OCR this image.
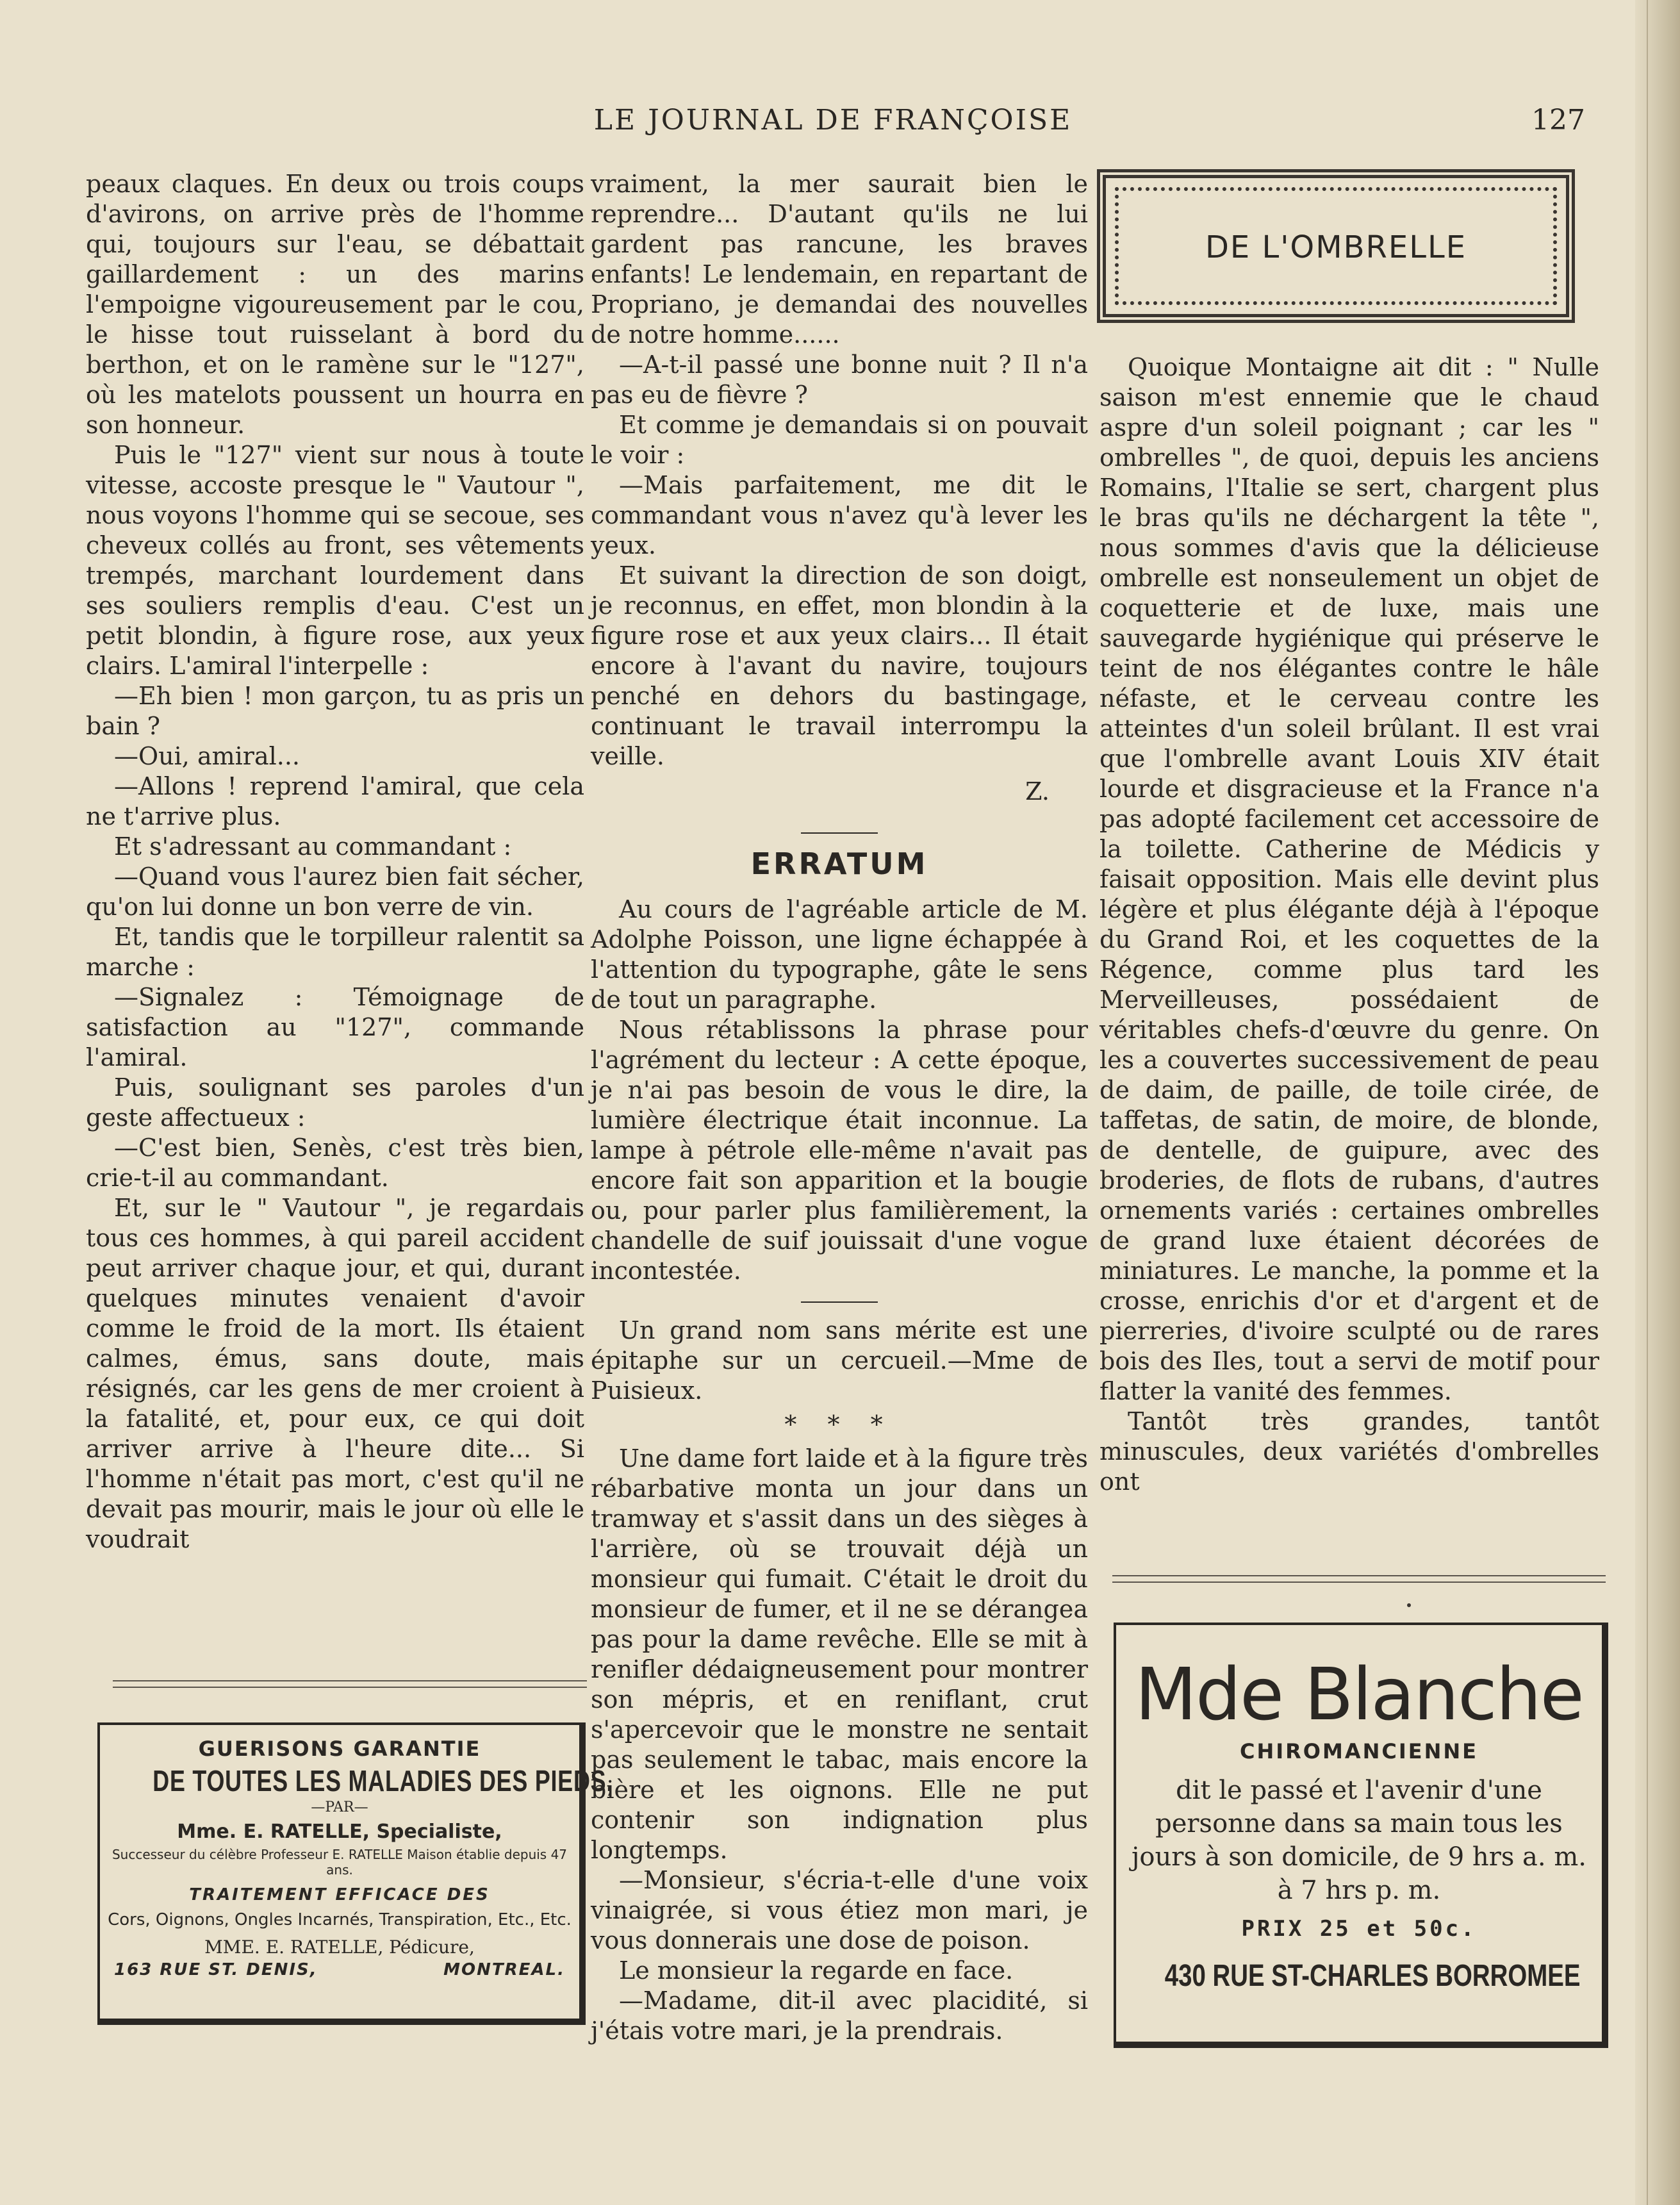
LE JOURNAL DE FRANÇOISE	127

peaux claques. En deux ou trois coups d'avirons, on arrive près de l'homme qui, toujours sur l'eau, se débattait gaillardement : un des marins l'empoigne vigoureusement par le cou, le hisse tout ruisselant à bord du berthon, et on le ramène sur le "127", où les matelots poussent un hourra en son honneur.

Puis le "127" vient sur nous à toute vitesse, accoste presque le " Vautour ", nous voyons l'homme qui se secoue, ses cheveux collés au front, ses vêtements trempés, marchant lourdement dans ses souliers remplis d'eau. C'est un petit blondin, à figure rose, aux yeux clairs. L'amiral l'interpelle :

—Eh bien ! mon garçon, tu as pris un bain ?

—Oui, amiral...

—Allons ! reprend l'amiral, que cela ne t'arrive plus.

Et s'adressant au commandant :

—Quand vous l'aurez bien fait sécher, qu'on lui donne un bon verre de vin.

Et, tandis que le torpilleur ralentit sa marche :

—Signalez : Témoignage de satisfaction au "127", commande l'amiral.

Puis, soulignant ses paroles d'un geste affectueux :

—C'est bien, Senès, c'est très bien, crie-t-il au commandant.

Et, sur le " Vautour ", je regardais tous ces hommes, à qui pareil accident peut arriver chaque jour, et qui, durant quelques minutes venaient d'avoir comme le froid de la mort. Ils étaient calmes, émus, sans doute, mais résignés, car les gens de mer croient à la fatalité, et, pour eux, ce qui doit arriver arrive à l'heure dite... Si l'homme n'était pas mort, c'est qu'il ne devait pas mourir, mais le jour où elle le voudrait

GUERISONS GARANTIE
DE TOUTES LES MALADIES DES PIEDS,
—PAR—
Mme. E. RATELLE, Specialiste,
Successeur du célèbre Professeur E. RATELLE Maison établie depuis 47 ans.
TRAITEMENT EFFICACE DES
Cors, Oignons, Ongles Incarnés, Transpiration, Etc., Etc.
MME. E. RATELLE, Pédicure,
163 RUE ST. DENIS,	MONTREAL.

vraiment, la mer saurait bien le reprendre... D'autant qu'ils ne lui gardent pas rancune, les braves enfants! Le lendemain, en repartant de Propriano, je demandai des nouvelles de notre homme......

—A-t-il passé une bonne nuit ? Il n'a pas eu de fièvre ?

Et comme je demandais si on pouvait le voir :

—Mais parfaitement, me dit le commandant vous n'avez qu'à lever les yeux.

Et suivant la direction de son doigt, je reconnus, en effet, mon blondin à la figure rose et aux yeux clairs... Il était encore à l'avant du navire, toujours penché en dehors du bastingage, continuant le travail interrompu la veille.

Z.
ERRATUM

Au cours de l'agréable article de M. Adolphe Poisson, une ligne échappée à l'attention du typographe, gâte le sens de tout un paragraphe.

Nous rétablissons la phrase pour l'agrément du lecteur : A cette époque, je n'ai pas besoin de vous le dire, la lumière électrique était inconnue. La lampe à pétrole elle-même n'avait pas encore fait son apparition et la bougie ou, pour parler plus familièrement, la chandelle de suif jouissait d'une vogue incontestée.

Un grand nom sans mérite est une épitaphe sur un cercueil.—Mme de Puisieux.

* * *

Une dame fort laide et à la figure très rébarbative monta un jour dans un tramway et s'assit dans un des sièges à l'arrière, où se trouvait déjà un monsieur qui fumait. C'était le droit du monsieur de fumer, et il ne se dérangea pas pour la dame revêche. Elle se mit à renifler dédaigneusement pour montrer son mépris, et en reniflant, crut s'apercevoir que le monstre ne sentait pas seulement le tabac, mais encore la bière et les oignons. Elle ne put contenir son indignation plus longtemps.

—Monsieur, s'écria-t-elle d'une voix vinaigrée, si vous étiez mon mari, je vous donnerais une dose de poison.

Le monsieur la regarde en face.

—Madame, dit-il avec placidité, si j'étais votre mari, je la prendrais.

DE L'OMBRELLE

Quoique Montaigne ait dit : " Nulle saison m'est ennemie que le chaud aspre d'un soleil poignant ; car les " ombrelles ", de quoi, depuis les anciens Romains, l'Italie se sert, chargent plus le bras qu'ils ne déchargent la tête ", nous sommes d'avis que la délicieuse ombrelle est nonseulement un objet de coquetterie et de luxe, mais une sauvegarde hygiénique qui préserve le teint de nos élégantes contre le hâle néfaste, et le cerveau contre les atteintes d'un soleil brûlant. Il est vrai que l'ombrelle avant Louis XIV était lourde et disgracieuse et la France n'a pas adopté facilement cet accessoire de la toilette. Catherine de Médicis y faisait opposition. Mais elle devint plus légère et plus élégante déjà à l'époque du Grand Roi, et les coquettes de la Régence, comme plus tard les Merveilleuses, possédaient de véritables chefs-d'œuvre du genre. On les a couvertes successivement de peau de daim, de paille, de toile cirée, de taffetas, de satin, de moire, de blonde, de dentelle, de guipure, avec des broderies, de flots de rubans, d'autres ornements variés : certaines ombrelles de grand luxe étaient décorées de miniatures. Le manche, la pomme et la crosse, enrichis d'or et d'argent et de pierreries, d'ivoire sculpté ou de rares bois des Iles, tout a servi de motif pour flatter la vanité des femmes.

Tantôt très grandes, tantôt minuscules, deux variétés d'ombrelles ont

Mde Blanche
CHIROMANCIENNE
dit le passé et l'avenir d'une personne dans sa main tous les jours à son domicile, de 9 hrs a. m. à 7 hrs p. m.
PRIX 25 et 50c.
430 RUE ST-CHARLES BORROMEE
